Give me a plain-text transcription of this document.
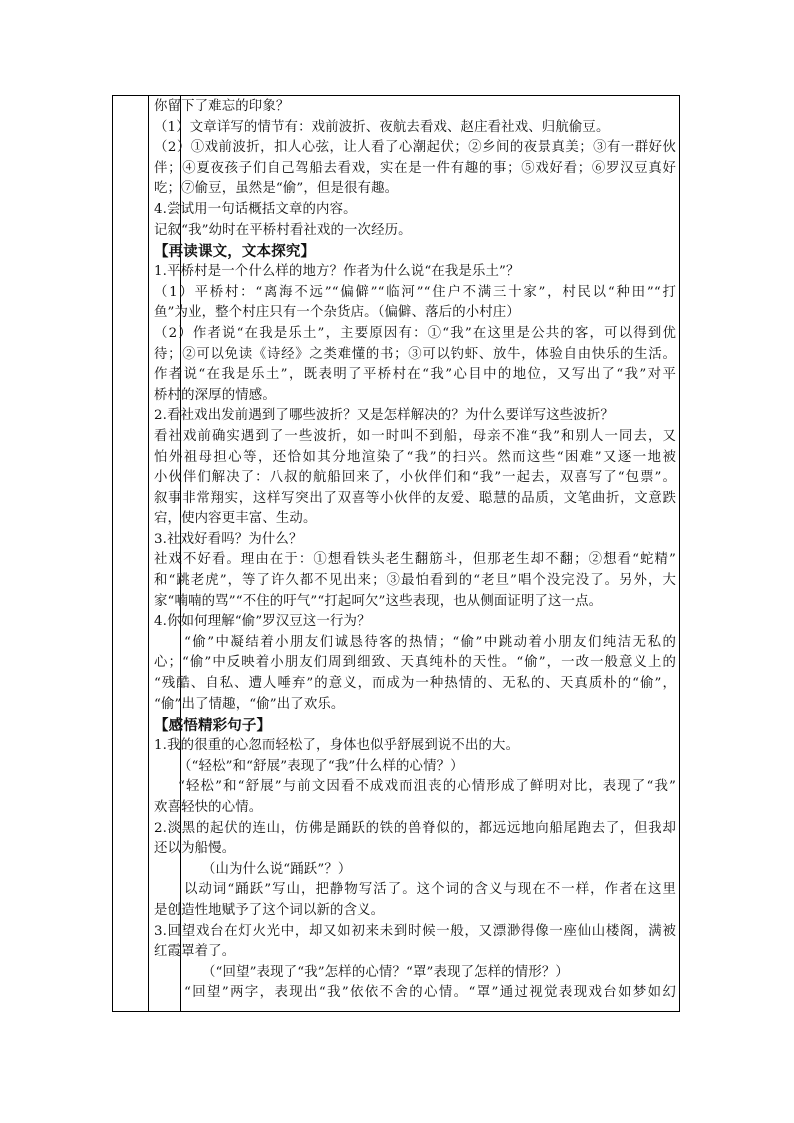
你留下了难忘的印象？
（1）文章详写的情节有：戏前波折、夜航去看戏、赵庄看社戏、归航偷豆。
（2）①戏前波折，扣人心弦，让人看了心潮起伏；②乡间的夜景真美；③有一群好伙
伴；④夏夜孩子们自己驾船去看戏，实在是一件有趣的事；⑤戏好看；⑥罗汉豆真好
吃；⑦偷豆，虽然是“偷”，但是很有趣。
4.尝试用一句话概括文章的内容。
记叙“我”幼时在平桥村看社戏的一次经历。
【再读课文，文本探究】
1.平桥村是一个什么样的地方？作者为什么说“在我是乐土”？
（1）平桥村：“离海不远”“偏僻”“临河”“住户不满三十家”，村民以“种田”“打
鱼”为业，整个村庄只有一个杂货店。（偏僻、落后的小村庄）
（2）作者说“在我是乐土”，主要原因有：①“我”在这里是公共的客，可以得到优
待；②可以免读《诗经》之类难懂的书；③可以钓虾、放牛，体验自由快乐的生活。
作者说“在我是乐土”，既表明了平桥村在“我”心目中的地位，又写出了“我”对平
桥村的深厚的情感。
2.看社戏出发前遇到了哪些波折？又是怎样解决的？为什么要详写这些波折？
看社戏前确实遇到了一些波折，如一时叫不到船，母亲不准“我”和别人一同去，又
怕外祖母担心等，还恰如其分地渲染了“我”的扫兴。然而这些“困难”又逐一地被
小伙伴们解决了：八叔的航船回来了，小伙伴们和“我”一起去，双喜写了“包票”。
叙事非常翔实，这样写突出了双喜等小伙伴的友爱、聪慧的品质，文笔曲折，文意跌
宕，使内容更丰富、生动。
3.社戏好看吗？为什么？
社戏不好看。理由在于：①想看铁头老生翻筋斗，但那老生却不翻；②想看“蛇精”
和“跳老虎”，等了许久都不见出来；③最怕看到的“老旦”唱个没完没了。另外，大
家“喃喃的骂”“不住的吁气”“打起呵欠”这些表现，也从侧面证明了这一点。
4.你如何理解“偷”罗汉豆这一行为？
“偷”中凝结着小朋友们诚恳待客的热情；“偷”中跳动着小朋友们纯洁无私的
心；“偷”中反映着小朋友们周到细致、天真纯朴的天性。“偷”，一改一般意义上的
“残酷、自私、遭人唾弃”的意义，而成为一种热情的、无私的、天真质朴的“偷”，
“偷”出了情趣，“偷”出了欢乐。
【感悟精彩句子】
1.我的很重的心忽而轻松了，身体也似乎舒展到说不出的大。
（“轻松”和“舒展”表现了“我”什么样的心情？）
“轻松”和“舒展”与前文因看不成戏而沮丧的心情形成了鲜明对比，表现了“我”
欢喜轻快的心情。
2.淡黑的起伏的连山，仿佛是踊跃的铁的兽脊似的，都远远地向船尾跑去了，但我却
还以为船慢。
（山为什么说“踊跃”？）
以动词“踊跃”写山，把静物写活了。这个词的含义与现在不一样，作者在这里
是创造性地赋予了这个词以新的含义。
3.回望戏台在灯火光中，却又如初来未到时候一般，又漂渺得像一座仙山楼阁，满被
红霞罩着了。
（“回望”表现了“我”怎样的心情？“罩”表现了怎样的情形？）
“回望”两字，表现出“我”依依不舍的心情。“罩”通过视觉表现戏台如梦如幻
